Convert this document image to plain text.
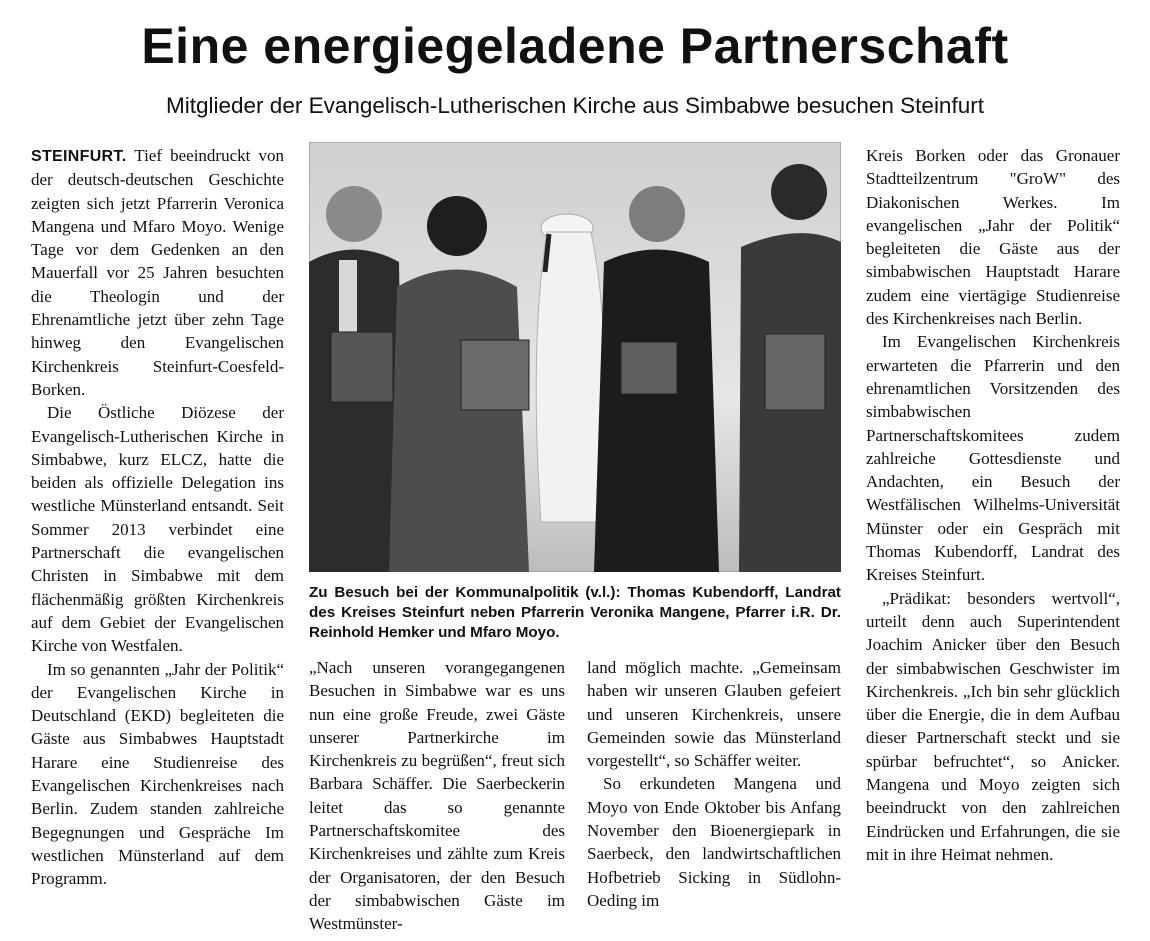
Eine energiegeladene Partnerschaft
Mitglieder der Evangelisch-Lutherischen Kirche aus Simbabwe besuchen Steinfurt

STEINFURT. Tief beeindruckt von der deutsch-deutschen Geschichte zeigten sich jetzt Pfarrerin Veronica Mangena und Mfaro Moyo. Wenige Tage vor dem Gedenken an den Mauerfall vor 25 Jahren besuchten die Theologin und der Ehrenamtliche jetzt über zehn Tage hinweg den Evangelischen Kirchenkreis Steinfurt-Coesfeld-Borken.

Die Östliche Diözese der Evangelisch-Lutherischen Kirche in Simbabwe, kurz ELCZ, hatte die beiden als offizielle Delegation ins westliche Münsterland entsandt. Seit Sommer 2013 verbindet eine Partnerschaft die evangelischen Christen in Simbabwe mit dem flächenmäßig größten Kirchenkreis auf dem Gebiet der Evangelischen Kirche von Westfalen.

Im so genannten „Jahr der Politik“ der Evangelischen Kirche in Deutschland (EKD) begleiteten die Gäste aus Simbabwes Hauptstadt Harare eine Studienreise des Evangelischen Kirchenkreises nach Berlin. Zudem standen zahlreiche Begegnungen und Gespräche Im westlichen Münsterland auf dem Programm.

Zu Besuch bei der Kommunalpolitik (v.l.): Thomas Kubendorff, Landrat des Kreises Steinfurt neben Pfarrerin Veronika Mangene, Pfarrer i.R. Dr. Reinhold Hemker und Mfaro Moyo.

„Nach unseren vorangegangenen Besuchen in Simbabwe war es uns nun eine große Freude, zwei Gäste unserer Partnerkirche im Kirchenkreis zu begrüßen“, freut sich Barbara Schäffer. Die Saerbeckerin leitet das so genannte Partnerschaftskomitee des Kirchenkreises und zählte zum Kreis der Organisatoren, der den Besuch der simbabwischen Gäste im Westmünster-

land möglich machte. „Gemeinsam haben wir unseren Glauben gefeiert und unseren Kirchenkreis, unsere Gemeinden sowie das Münsterland vorgestellt“, so Schäffer weiter.

So erkundeten Mangena und Moyo von Ende Oktober bis Anfang November den Bioenergiepark in Saerbeck, den landwirtschaftlichen Hofbetrieb Sicking in Südlohn-Oeding im

Kreis Borken oder das Gronauer Stadtteilzentrum "GroW" des Diakonischen Werkes. Im evangelischen „Jahr der Politik“ begleiteten die Gäste aus der simbabwischen Hauptstadt Harare zudem eine viertägige Studienreise des Kirchenkreises nach Berlin.

Im Evangelischen Kirchenkreis erwarteten die Pfarrerin und den ehrenamtlichen Vorsitzenden des simbabwischen Partnerschaftskomitees zudem zahlreiche Gottesdienste und Andachten, ein Besuch der Westfälischen Wilhelms-Universität Münster oder ein Gespräch mit Thomas Kubendorff, Landrat des Kreises Steinfurt.

„Prädikat: besonders wertvoll“, urteilt denn auch Superintendent Joachim Anicker über den Besuch der simbabwischen Geschwister im Kirchenkreis. „Ich bin sehr glücklich über die Energie, die in dem Aufbau dieser Partnerschaft steckt und sie spürbar befruchtet“, so Anicker. Mangena und Moyo zeigten sich beeindruckt von den zahlreichen Eindrücken und Erfahrungen, die sie mit in ihre Heimat nehmen.
